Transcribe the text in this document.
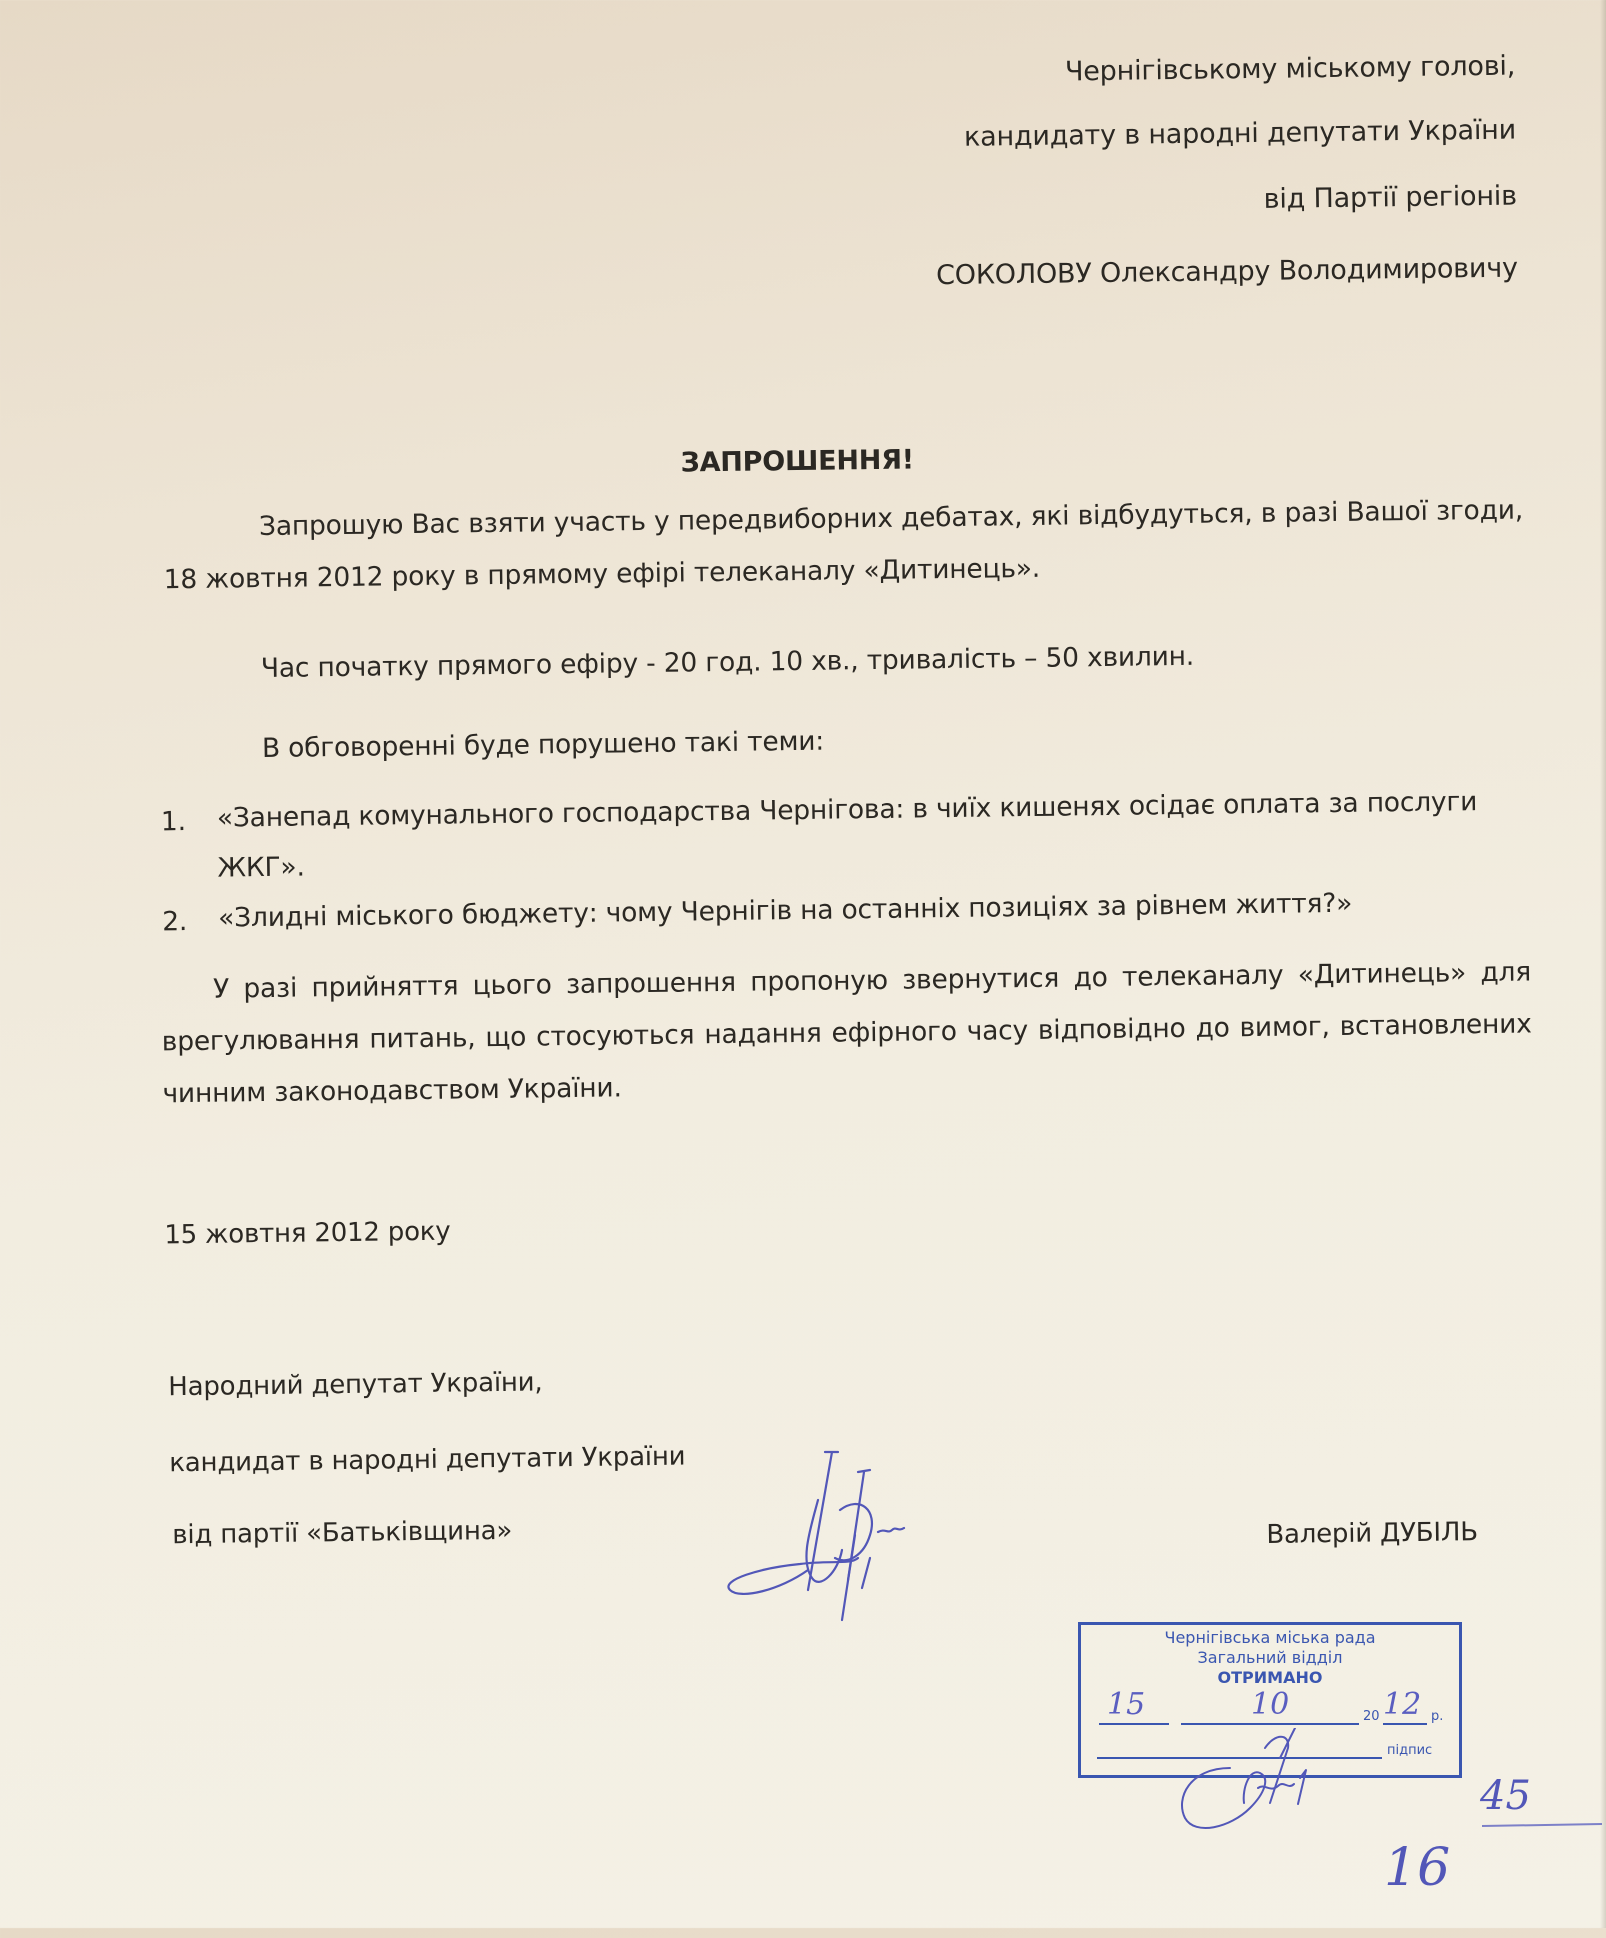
Чернігівському міському голові,
кандидату в народні депутати України
від Партії регіонів
СОКОЛОВУ Олександру Володимировичу
ЗАПРОШЕННЯ!
Запрошую Вас взяти участь у передвиборних дебатах, які відбудуться, в разі Вашої згоди, 18 жовтня 2012 року в прямому ефірі телеканалу «Дитинець».
Час початку прямого ефіру - 20 год. 10 хв., тривалість – 50 хвилин.
В обговоренні буде порушено такі теми:
1. «Занепад комунального господарства Чернігова: в чиїх кишенях осідає оплата за послуги ЖКГ».
2. «Злидні міського бюджету: чому Чернігів на останніх позиціях за рівнем життя?»
У разі прийняття цього запрошення пропоную звернутися до телеканалу «Дитинець» для врегулювання питань, що стосуються надання ефірного часу відповідно до вимог, встановлених чинним законодавством України.
15 жовтня 2012 року
Народний депутат України,
кандидат в народні депутати України
від партії «Батьківщина»	Валерій ДУБІЛЬ
Чернігівська міська рада
Загальний відділ
ОТРИМАНО
15	10	20 12 р.
підпис
45
16
